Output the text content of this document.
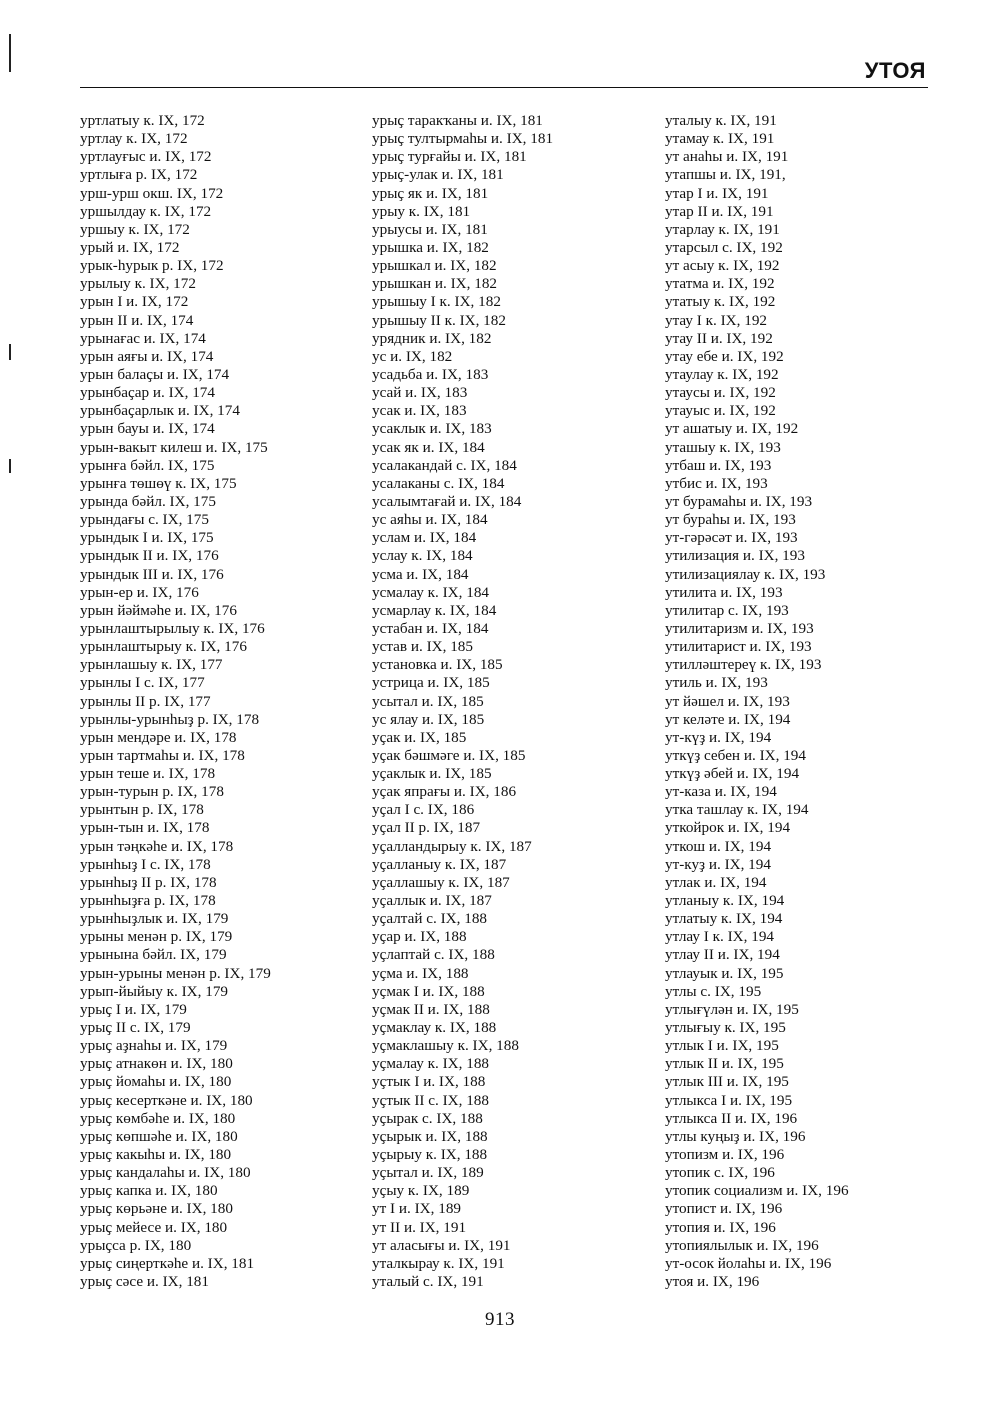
УТОЯ
уртлатыу к. IX, 172
уртлау к. IX, 172
уртлауғыс и. IX, 172
уртлыға р. IX, 172
урш-урш окш. IX, 172
уршылдау к. IX, 172
уршыу к. IX, 172
урый и. IX, 172
урык-һурык р. IX, 172
урылыу к. IX, 172
урын I и. IX, 172
урын II и. IX, 174
урынағас и. IX, 174
урын аяғы и. IX, 174
урын балаҫы и. IX, 174
урынбаҫар и. IX, 174
урынбаҫарлык и. IX, 174
урын бауы и. IX, 174
урын-вакыт килеш и. IX, 175
урынға бәйл. IX, 175
урынға төшөү к. IX, 175
урында бәйл. IX, 175
урындағы с. IX, 175
урындык I и. IX, 175
урындык II и. IX, 176
урындык III и. IX, 176
урын-ер и. IX, 176
урын йәймәһе и. IX, 176
урынлаштырылыу к. IX, 176
урынлаштырыу к. IX, 176
урынлашыу к. IX, 177
урынлы I с. IX, 177
урынлы II р. IX, 177
урынлы-урынһыҙ р. IX, 178
урын мендәре и. IX, 178
урын тартмаһы и. IX, 178
урын теше и. IX, 178
урын-турын р. IX, 178
урынтын р. IX, 178
урын-тын и. IX, 178
урын тәңкәһе и. IX, 178
урынһыҙ I с. IX, 178
урынһыҙ II р. IX, 178
урынһыҙға р. IX, 178
урынһыҙлык и. IX, 179
урыны менән р. IX, 179
урынына бәйл. IX, 179
урын-урыны менән р. IX, 179
урып-йыйыу к. IX, 179
урыҫ I и. IX, 179
урыҫ II с. IX, 179
урыҫ аҙнаһы и. IX, 179
урыҫ атнакөн и. IX, 180
урыҫ йомаһы и. IX, 180
урыҫ кесерткәне и. IX, 180
урыҫ көмбәһе и. IX, 180
урыҫ көпшәһе и. IX, 180
урыҫ какыһы и. IX, 180
урыҫ кандалаһы и. IX, 180
урыҫ капка и. IX, 180
урыҫ көрьәне и. IX, 180
урыҫ мейесе и. IX, 180
урыҫса р. IX, 180
урыҫ сиңерткәһе и. IX, 181
урыҫ сәсе и. IX, 181
урыҫ таракҡаны и. IX, 181
урыҫ тултырмаһы и. IX, 181
урыҫ турғайы и. IX, 181
урыҫ-улак и. IX, 181
урыҫ як и. IX, 181
урыу к. IX, 181
урыусы и. IX, 181
урышка и. IX, 182
урышкал и. IX, 182
урышкан и. IX, 182
урышыу I к. IX, 182
урышыу II к. IX, 182
урядник и. IX, 182
ус и. IX, 182
усадьба и. IX, 183
усай и. IX, 183
усак и. IX, 183
усаклык и. IX, 183
усак як и. IX, 184
усалакандай с. IX, 184
усалаканы с. IX, 184
усалымтағай и. IX, 184
ус аяһы и. IX, 184
услам и. IX, 184
услау к. IX, 184
усма и. IX, 184
усмалау к. IX, 184
усмарлау к. IX, 184
устабан и. IX, 184
устав и. IX, 185
установка и. IX, 185
устрица и. IX, 185
усытал и. IX, 185
ус ялау и. IX, 185
уҫак и. IX, 185
уҫак бәшмәге и. IX, 185
уҫаклык и. IX, 185
уҫак япрағы и. IX, 186
уҫал I с. IX, 186
уҫал II р. IX, 187
уҫалландырыу к. IX, 187
уҫалланыу к. IX, 187
уҫаллашыу к. IX, 187
уҫаллык и. IX, 187
уҫалтай с. IX, 188
уҫар и. IX, 188
уҫлаптай с. IX, 188
уҫма и. IX, 188
уҫмак I и. IX, 188
уҫмак II и. IX, 188
уҫмаклау к. IX, 188
уҫмаклашыу к. IX, 188
уҫмалау к. IX, 188
уҫтык I и. IX, 188
уҫтык II с. IX, 188
уҫырак с. IX, 188
уҫырык и. IX, 188
уҫырыу к. IX, 188
уҫытал и. IX, 189
уҫыу к. IX, 189
ут I и. IX, 189
ут II и. IX, 191
ут аласығы и. IX, 191
уталкырау к. IX, 191
уталый с. IX, 191
уталыу к. IX, 191
утамау к. IX, 191
ут анаһы и. IX, 191
утапшы и. IX, 191,
утар I и. IX, 191
утар II и. IX, 191
утарлау к. IX, 191
утарсыл с. IX, 192
ут асыу к. IX, 192
утатма и. IX, 192
утатыу к. IX, 192
утау I к. IX, 192
утау II и. IX, 192
утау ебе и. IX, 192
утаулау к. IX, 192
утаусы и. IX, 192
утауыс и. IX, 192
ут ашатыу и. IX, 192
уташыу к. IX, 193
утбаш и. IX, 193
утбис и. IX, 193
ут бурамаһы и. IX, 193
ут бураһы и. IX, 193
ут-гәрәсәт и. IX, 193
утилизация и. IX, 193
утилизациялау к. IX, 193
утилита и. IX, 193
утилитар с. IX, 193
утилитаризм и. IX, 193
утилитарист и. IX, 193
утилләштереү к. IX, 193
утиль и. IX, 193
ут йәшел и. IX, 193
ут келәте и. IX, 194
ут-күҙ и. IX, 194
уткүҙ себен и. IX, 194
уткүҙ әбей и. IX, 194
ут-каза и. IX, 194
утка ташлау к. IX, 194
уткойрок и. IX, 194
уткош и. IX, 194
ут-куҙ и. IX, 194
утлак и. IX, 194
утланыу к. IX, 194
утлатыу к. IX, 194
утлау I к. IX, 194
утлау II и. IX, 194
утлауык и. IX, 195
утлы с. IX, 195
утлығүлән и. IX, 195
утлығыу к. IX, 195
утлык I и. IX, 195
утлык II и. IX, 195
утлык III и. IX, 195
утлыкса I и. IX, 195
утлыкса II и. IX, 196
утлы куңыҙ и. IX, 196
утопизм и. IX, 196
утопик с. IX, 196
утопик социализм и. IX, 196
утопист и. IX, 196
утопия и. IX, 196
утопиялылык и. IX, 196
ут-осок йолаһы и. IX, 196
утоя и. IX, 196
913
